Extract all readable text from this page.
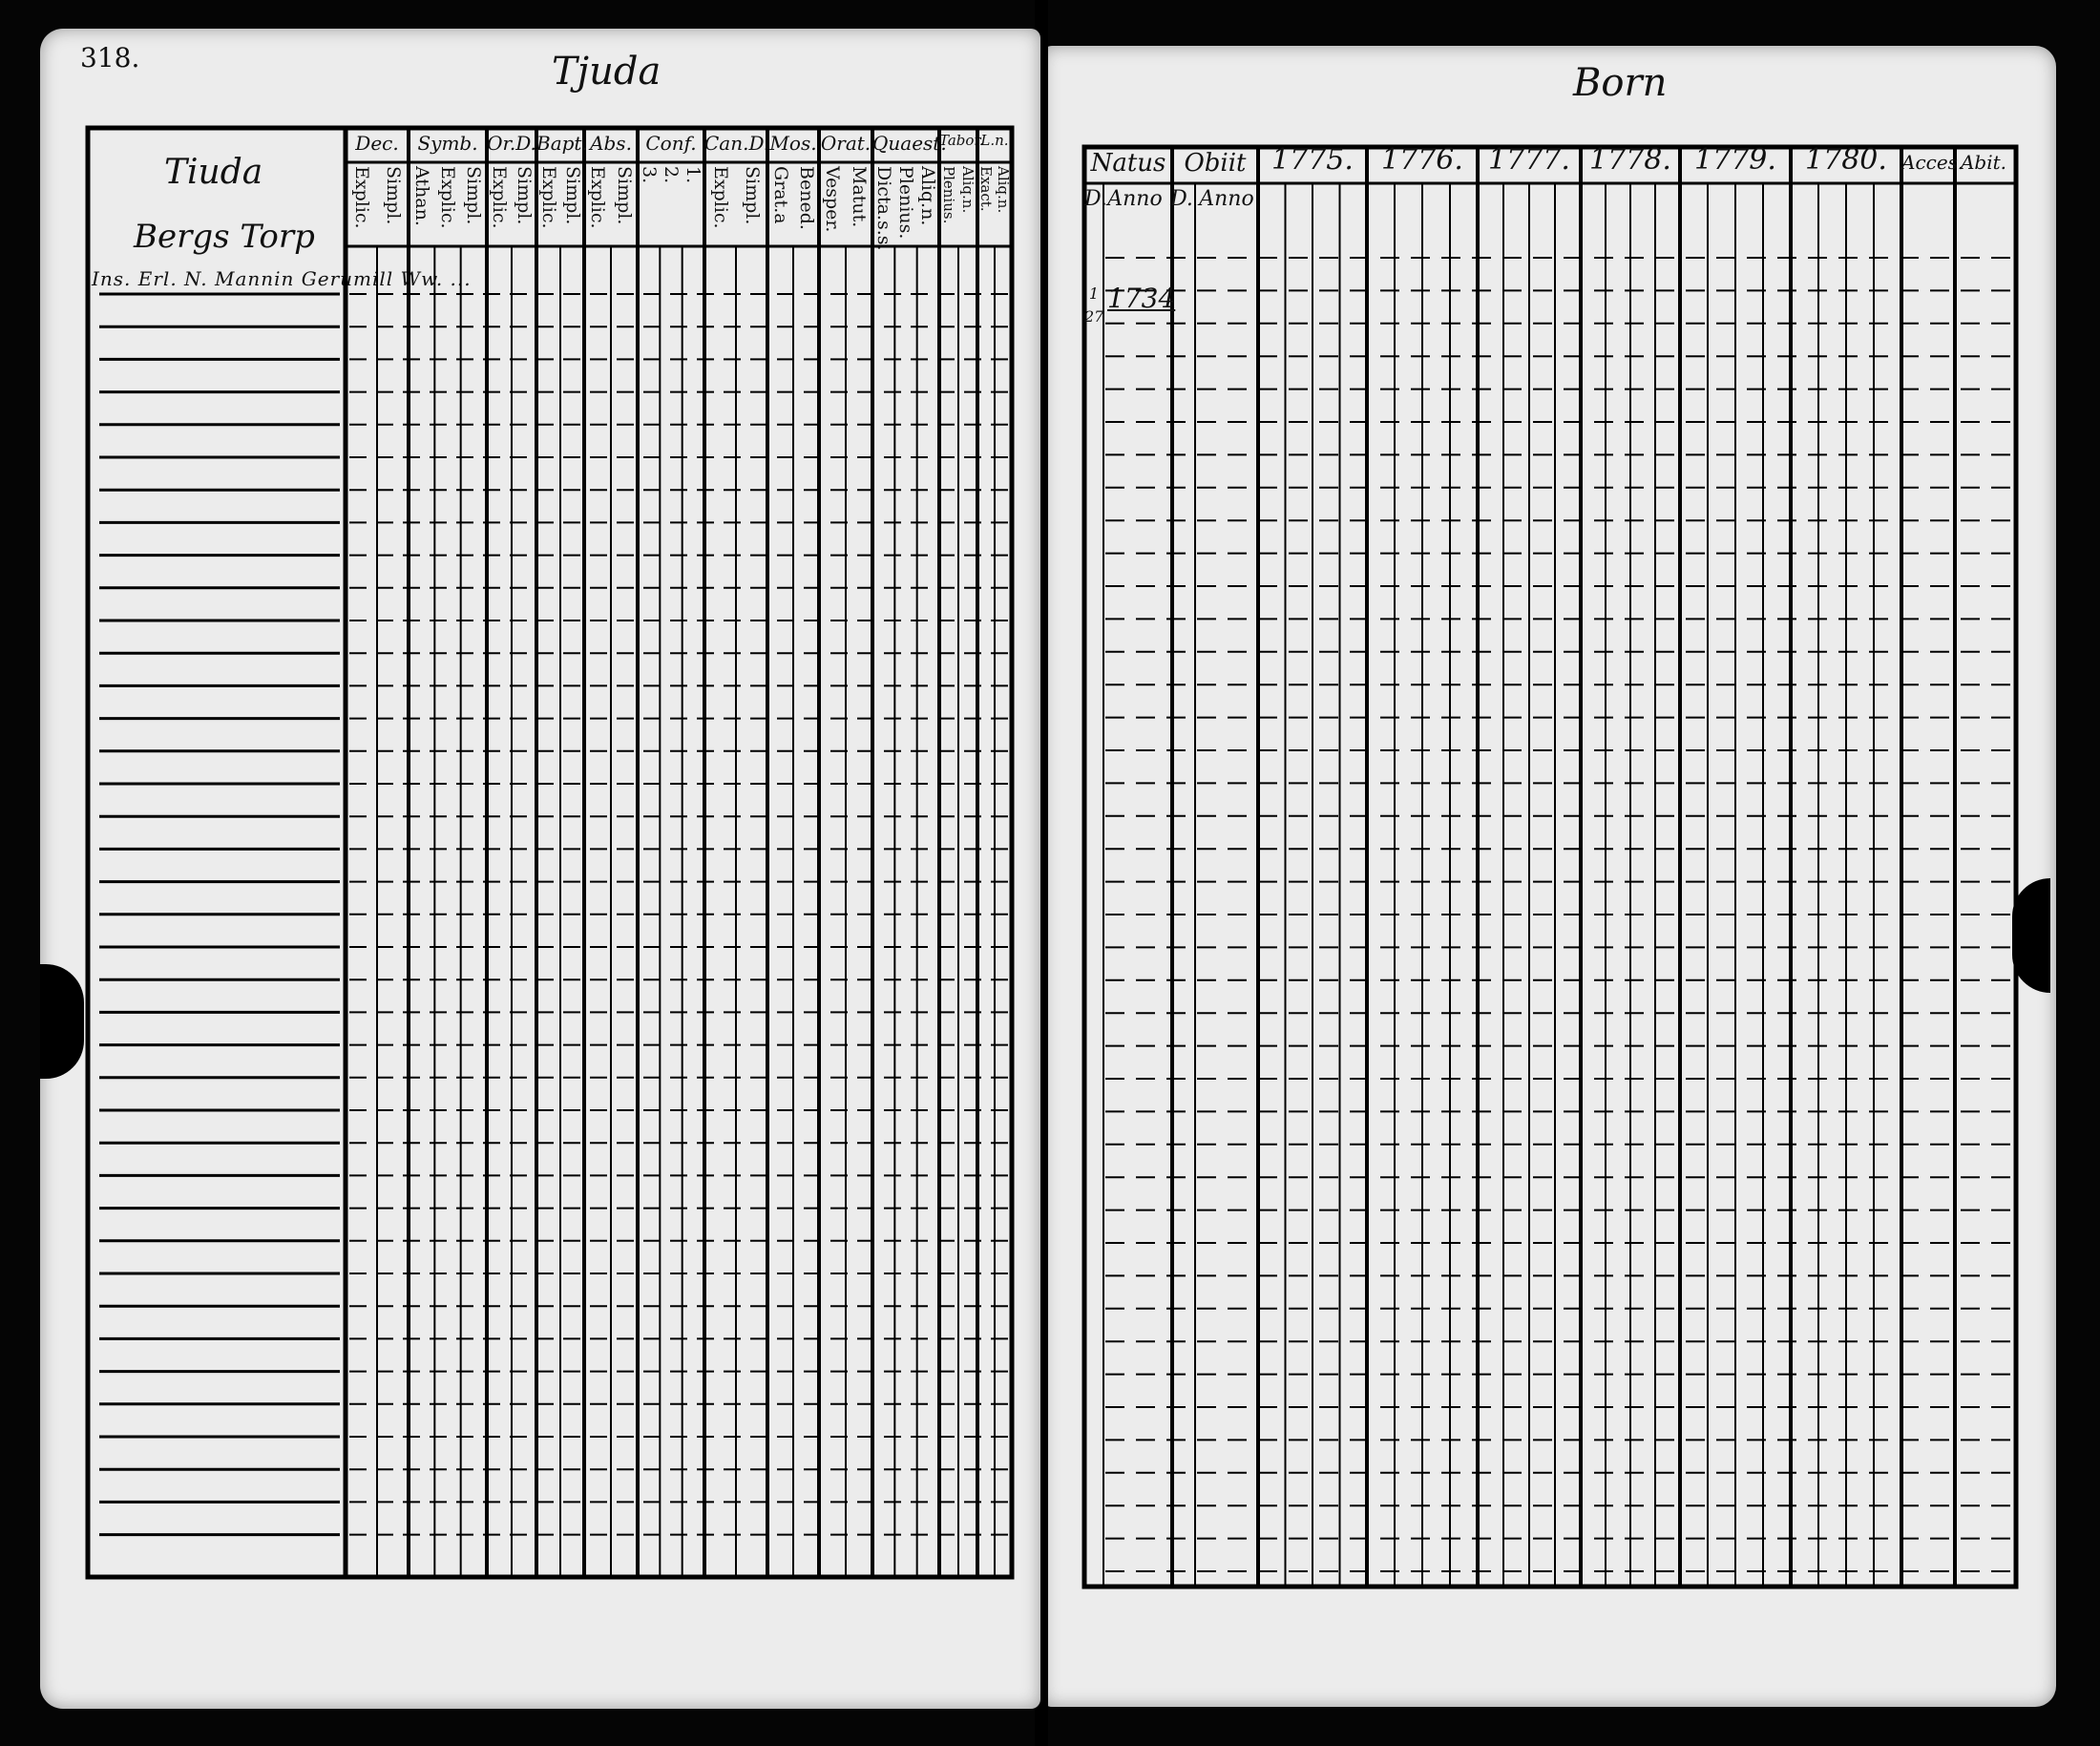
318.	Tjuda
Tiuda
Bergs Torp
Ins. Erl. N. Mannin Gerumill Ww. ...
Dec.
Explic. Simpl.
Symb.
Athan. Explic. Simpl.
Or.D.
Explic. Simpl.
Bapt.
Explic. Simpl.
Abs.
Explic. Simpl.
Conf.
3. 2. 1.
Can.D.
Explic. Simpl.
Mos.
Grat.a Bened.
Orat.
Vesper. Matut.
Quaest.
Dicta.s.s. Plenius. Aliq.n.
Tabor.
Plenius. Aliq.n.
L.n.
Exact. Aliq.n.
Born
Natus Obiit
D. Anno D. Anno
1775. 1776. 1777. 1778. 1779.	1780. Acces.
Abit.
1
27
1734
